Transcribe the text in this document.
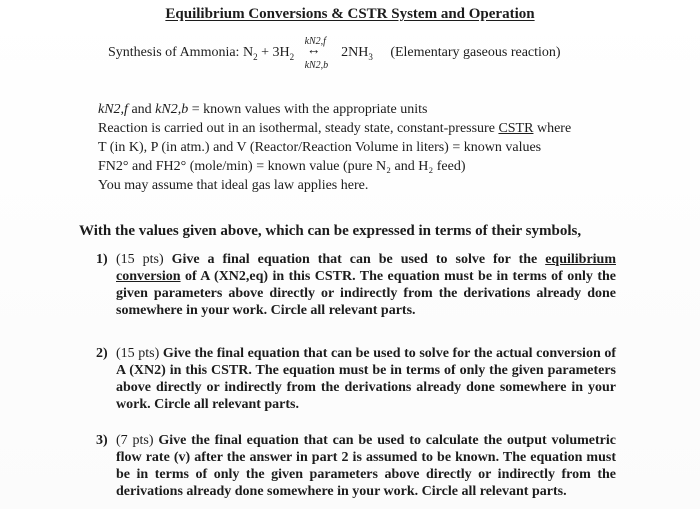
Equilibrium Conversions & CSTR System and Operation
Synthesis of Ammonia: $N_2 + 3H_2$
kN2,f
↔
kN2,b
$2NH_3$ (Elementary gaseous reaction)
kN2,f and kN2,b = known values with the appropriate units
Reaction is carried out in an isothermal, steady state, constant-pressure CSTR where
T (in K), P (in atm.) and V (Reactor/Reaction Volume in liters) = known values
FN2° and FH2° (mole/min) = known value (pure N₂ and H₂ feed)
You may assume that ideal gas law applies here.
With the values given above, which can be expressed in terms of their symbols,
1) (15 pts) Give a final equation that can be used to solve for the equilibrium conversion of A (XN2,eq) in this CSTR. The equation must be in terms of only the given parameters above directly or indirectly from the derivations already done somewhere in your work. Circle all relevant parts.
2) (15 pts) Give the final equation that can be used to solve for the actual conversion of A (XN2) in this CSTR. The equation must be in terms of only the given parameters above directly or indirectly from the derivations already done somewhere in your work. Circle all relevant parts.
3) (7 pts) Give the final equation that can be used to calculate the output volumetric flow rate (v) after the answer in part 2 is assumed to be known. The equation must be in terms of only the given parameters above directly or indirectly from the derivations already done somewhere in your work. Circle all relevant parts.
